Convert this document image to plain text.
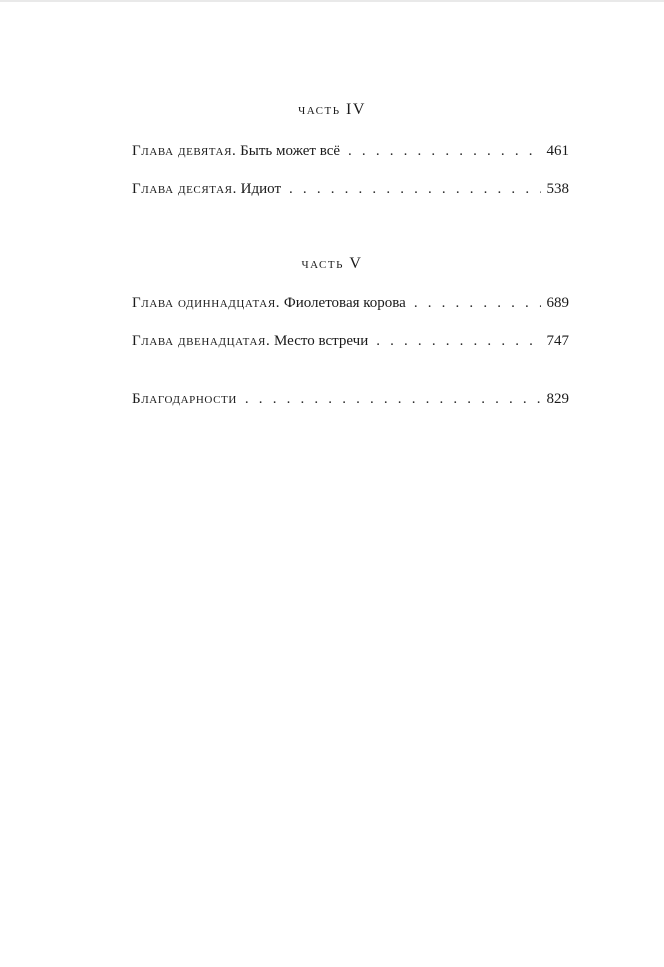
часть IV
Глава девятая. Быть может всё . . .	461
Глава десятая. Идиот . . .	538
часть V
Глава одиннадцатая. Фиолетовая корова . . .	689
Глава двенадцатая. Место встречи . . .	747
Благодарности . . .	829
